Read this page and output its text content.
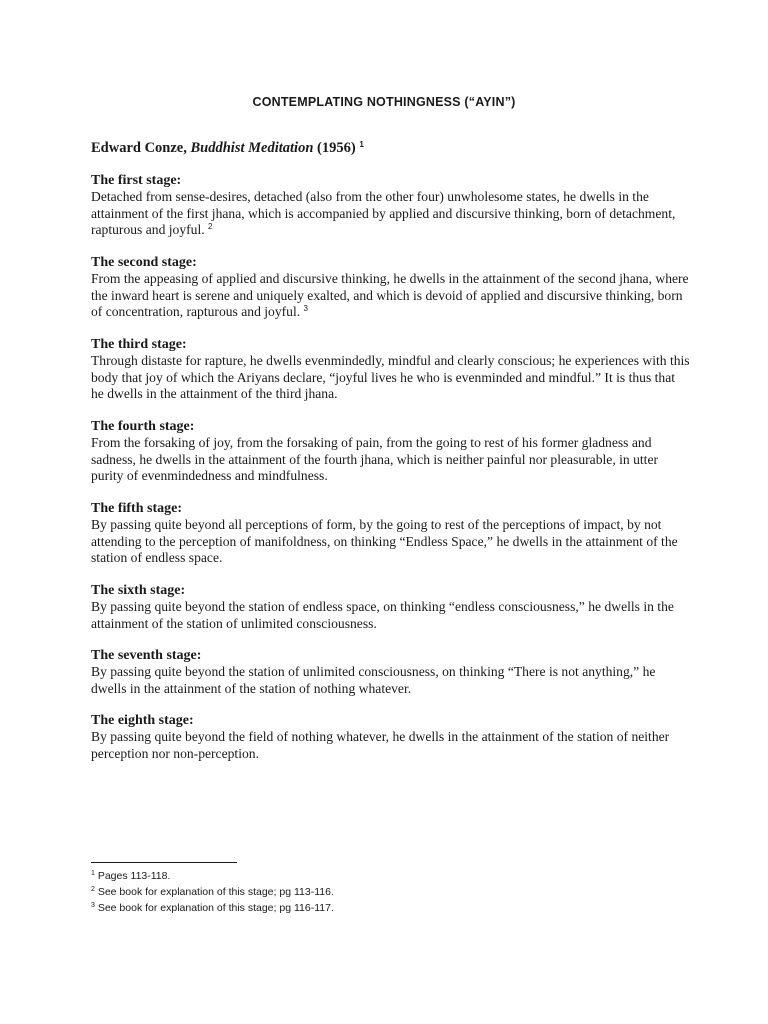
CONTEMPLATING NOTHINGNESS (“AYIN”)
Edward Conze, Buddhist Meditation (1956) $^1$

The first stage:

Detached from sense-desires, detached (also from the other four) unwholesome states, he dwells in the attainment of the first jhana, which is accompanied by applied and discursive thinking, born of detachment, rapturous and joyful. $^2$

The second stage:

From the appeasing of applied and discursive thinking, he dwells in the attainment of the second jhana, where the inward heart is serene and uniquely exalted, and which is devoid of applied and discursive thinking, born of concentration, rapturous and joyful. $^3$

The third stage:

Through distaste for rapture, he dwells evenmindedly, mindful and clearly conscious; he experiences with this body that joy of which the Ariyans declare, “joyful lives he who is evenminded and mindful.” It is thus that he dwells in the attainment of the third jhana.

The fourth stage:

From the forsaking of joy, from the forsaking of pain, from the going to rest of his former gladness and sadness, he dwells in the attainment of the fourth jhana, which is neither painful nor pleasurable, in utter purity of evenmindedness and mindfulness.

The fifth stage:

By passing quite beyond all perceptions of form, by the going to rest of the perceptions of impact, by not attending to the perception of manifoldness, on thinking “Endless Space,” he dwells in the attainment of the station of endless space.

The sixth stage:

By passing quite beyond the station of endless space, on thinking “endless consciousness,” he dwells in the attainment of the station of unlimited consciousness.

The seventh stage:

By passing quite beyond the station of unlimited consciousness, on thinking “There is not anything,” he dwells in the attainment of the station of nothing whatever.

The eighth stage:

By passing quite beyond the field of nothing whatever, he dwells in the attainment of the station of neither perception nor non-perception.

$^1$ Pages 113-118.
$^2$ See book for explanation of this stage; pg 113-116.
$^3$ See book for explanation of this stage; pg 116-117.
